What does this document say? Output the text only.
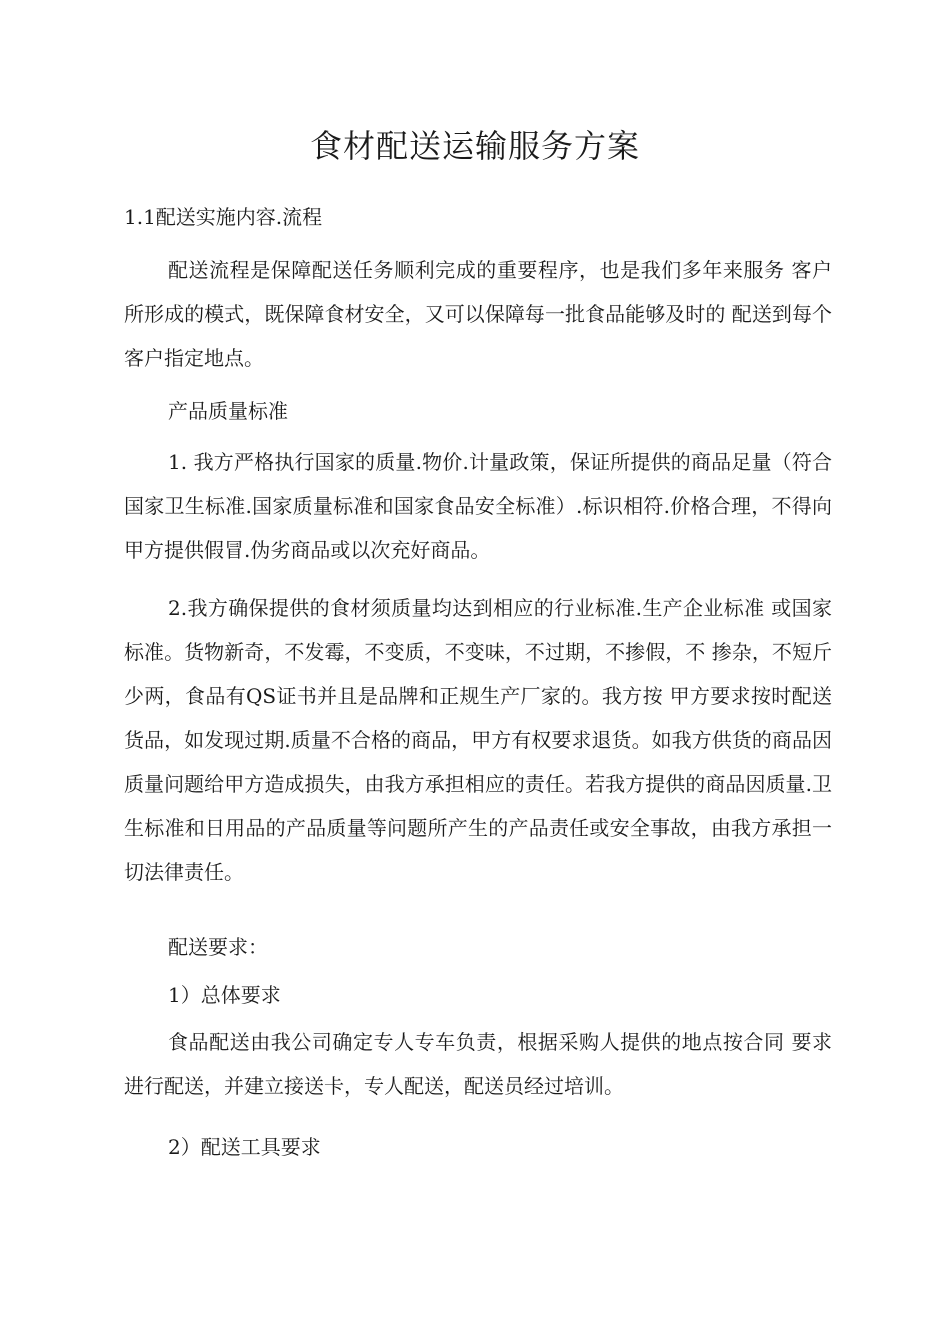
食材配送运输服务方案
1.1配送实施内容.流程

配送流程是保障配送任务顺利完成的重要程序，也是我们多年来服务 客户所形成的模式，既保障食材安全，又可以保障每一批食品能够及时的 配送到每个客户指定地点。

产品质量标准

1. 我方严格执行国家的质量.物价.计量政策，保证所提供的商品足量（符合国家卫生标准.国家质量标准和国家食品安全标准）.标识相符.价格合理，不得向甲方提供假冒.伪劣商品或以次充好商品。

2.我方确保提供的食材须质量均达到相应的行业标准.生产企业标准 或国家标准。货物新奇，不发霉，不变质，不变味，不过期，不掺假，不 掺杂，不短斤少两，食品有QS证书并且是品牌和正规生产厂家的。我方按 甲方要求按时配送货品，如发现过期.质量不合格的商品，甲方有权要求退货。如我方供货的商品因质量问题给甲方造成损失，由我方承担相应的责任。若我方提供的商品因质量.卫生标准和日用品的产品质量等问题所产生的产品责任或安全事故，由我方承担一切法律责任。

配送要求：
1）总体要求

食品配送由我公司确定专人专车负责，根据采购人提供的地点按合同 要求进行配送，并建立接送卡，专人配送，配送员经过培训。

2）配送工具要求
